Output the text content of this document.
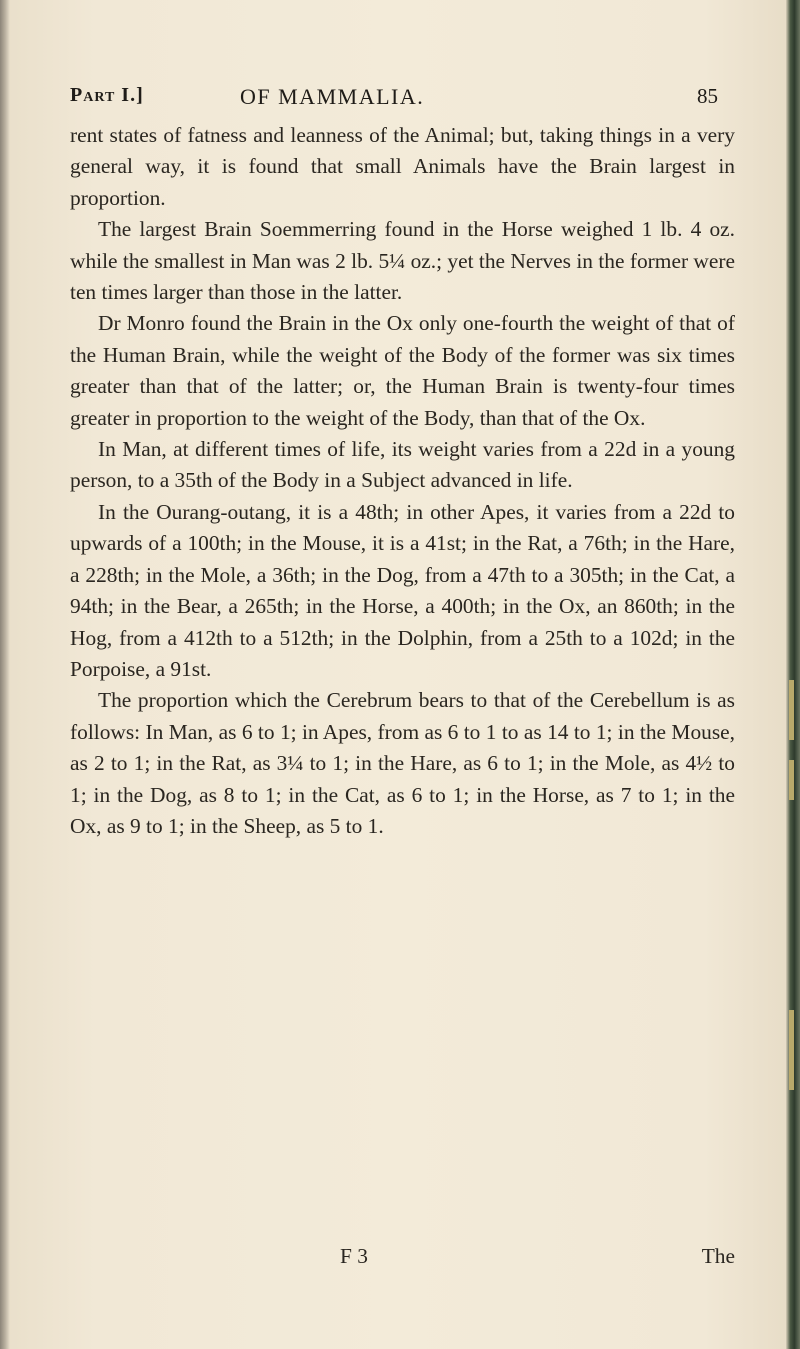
Part I.]	OF MAMMALIA.	85

rent states of fatness and leanness of the Animal; but, taking things in a very general way, it is found that small Animals have the Brain largest in proportion.

The largest Brain Soemmerring found in the Horse weighed 1 lb. 4 oz. while the smallest in Man was 2 lb. 5¼ oz.; yet the Nerves in the former were ten times larger than those in the latter.

Dr Monro found the Brain in the Ox only one-fourth the weight of that of the Human Brain, while the weight of the Body of the former was six times greater than that of the latter; or, the Human Brain is twenty-four times greater in proportion to the weight of the Body, than that of the Ox.

In Man, at different times of life, its weight varies from a 22d in a young person, to a 35th of the Body in a Subject advanced in life.

In the Ourang-outang, it is a 48th; in other Apes, it varies from a 22d to upwards of a 100th; in the Mouse, it is a 41st; in the Rat, a 76th; in the Hare, a 228th; in the Mole, a 36th; in the Dog, from a 47th to a 305th; in the Cat, a 94th; in the Bear, a 265th; in the Horse, a 400th; in the Ox, an 860th; in the Hog, from a 412th to a 512th; in the Dolphin, from a 25th to a 102d; in the Porpoise, a 91st.

The proportion which the Cerebrum bears to that of the Cerebellum is as follows: In Man, as 6 to 1; in Apes, from as 6 to 1 to as 14 to 1; in the Mouse, as 2 to 1; in the Rat, as 3¼ to 1; in the Hare, as 6 to 1; in the Mole, as 4½ to 1; in the Dog, as 8 to 1; in the Cat, as 6 to 1; in the Horse, as 7 to 1; in the Ox, as 9 to 1; in the Sheep, as 5 to 1.

F 3	The
